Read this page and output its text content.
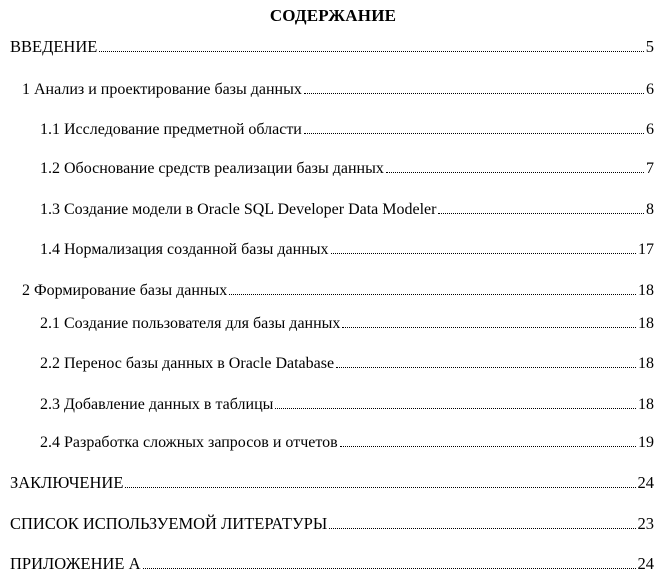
СОДЕРЖАНИЕ
ВВЕДЕНИЕ	5
1 Анализ и проектирование базы данных	6
1.1 Исследование предметной области	6
1.2 Обоснование средств реализации базы данных	7
1.3 Создание модели в Oracle SQL Developer Data Modeler	8
1.4 Нормализация созданной базы данных	17
2 Формирование базы данных	18
2.1 Создание пользователя для базы данных	18
2.2 Перенос базы данных в Oracle Database	18
2.3 Добавление данных в таблицы	18
2.4 Разработка сложных запросов и отчетов	19
ЗАКЛЮЧЕНИЕ	24
СПИСОК ИСПОЛЬЗУЕМОЙ ЛИТЕРАТУРЫ	23
ПРИЛОЖЕНИЕ А	24
